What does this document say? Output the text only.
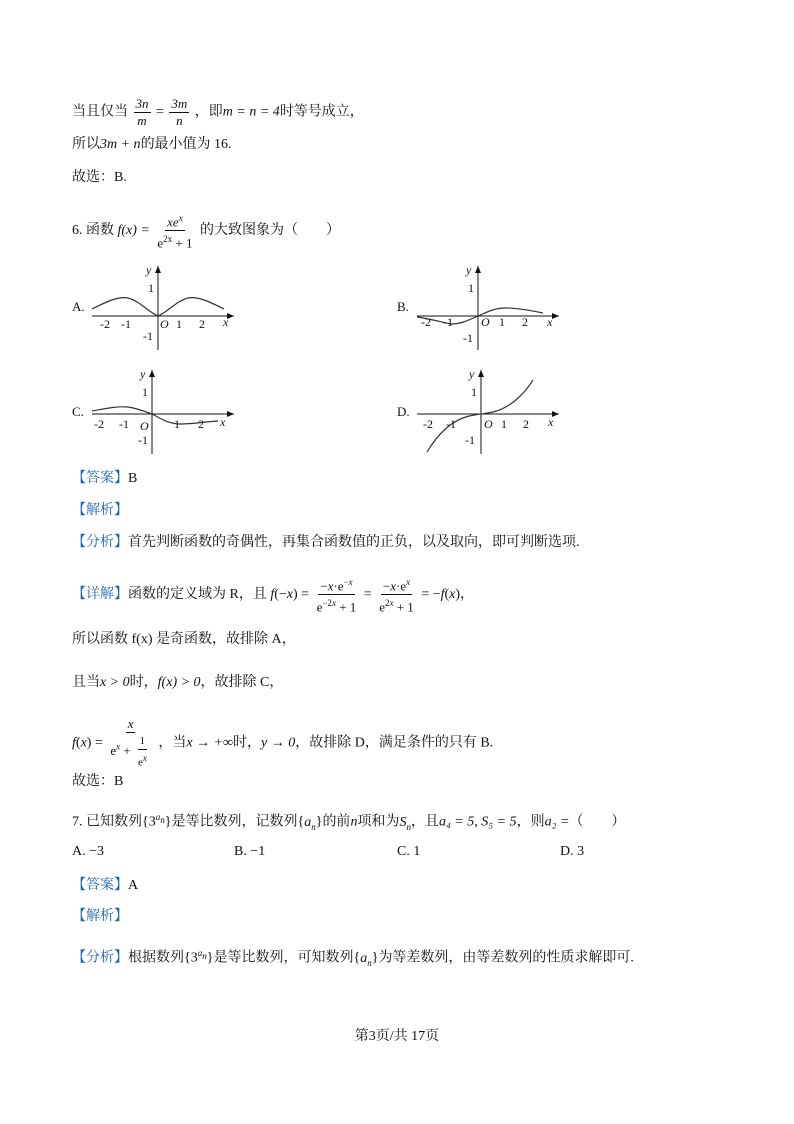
当且仅当 $\frac{3n}{m} = \frac{3m}{n}$ ，即m = n = 4时等号成立，
所以3m + n的最小值为 16.
故选：B.
6. 函数 $f(x) = \frac{xe^x}{e^{2x} + 1}$ 的大致图象为（　　）
A.
y
1
-1
-2 -1 O 1 2 x
B.
y
1
-1
-2 -1 O 1 2 x
C.
y
1
-1
-2 -1 O 1 2 x
D.
y
1
-1
-2 -1 O 1 2 x
【答案】B
【解析】
【分析】首先判断函数的奇偶性，再集合函数值的正负，以及取向，即可判断选项.
【详解】函数的定义域为 R，且 $f(-x) = \frac{-x\cdot e^{-x}}{e^{-2x} + 1} = \frac{-x\cdot e^x}{e^{2x} + 1} = -f(x)$，
所以函数 f(x) 是奇函数，故排除 A，
且当x > 0时，f(x) > 0，故排除 C，
$f(x) = \frac{x}{e^x + \frac{1}{e^x}}$ ，当x → +∞时，y → 0，故排除 D，满足条件的只有 B.
故选：B
7. 已知数列$\{3^{a_n}\}$是等比数列，记数列$\{a_n\}$的前n项和为$S_n$，且a₄ = 5, S₅ = 5，则a₂ =（　　）
A. −3	B. −1	C. 1	D. 3
【答案】A
【解析】
【分析】根据数列$\{3^{a_n}\}$是等比数列，可知数列$\{a_n\}$为等差数列，由等差数列的性质求解即可.
第3页/共 17页
